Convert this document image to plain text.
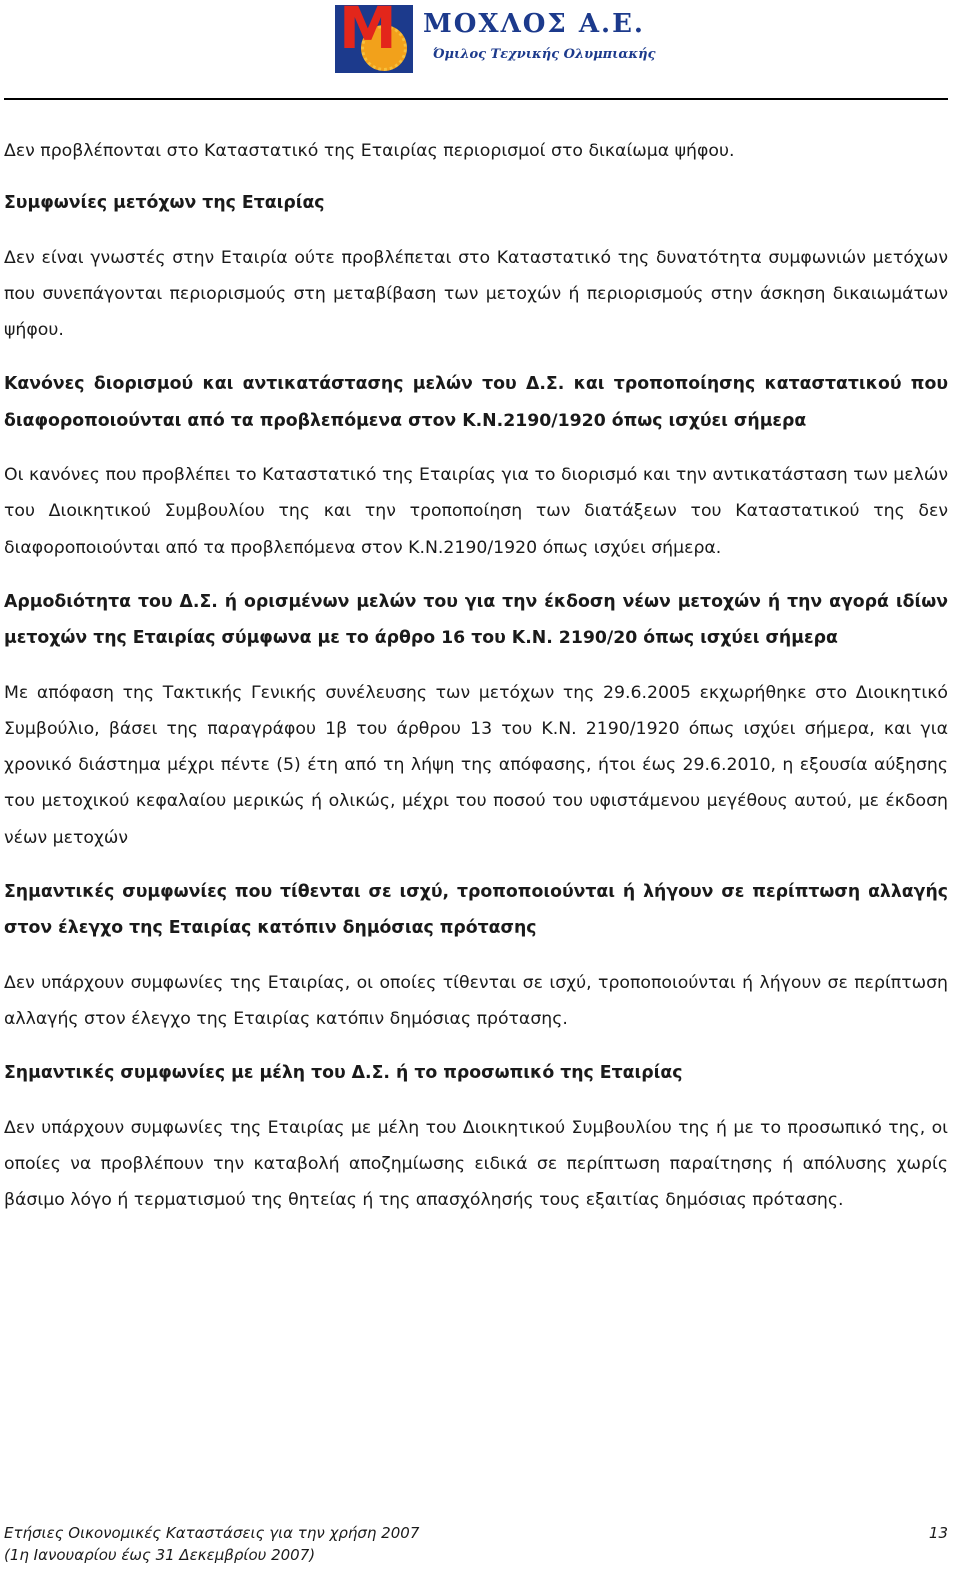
M ΜΟΧΛΟΣ Α.Ε.
Όμιλος Τεχνικής Ολυμπιακής

Δεν προβλέπονται στο Καταστατικό της Εταιρίας περιορισμοί στο δικαίωμα ψήφου.

Συμφωνίες μετόχων της Εταιρίας

Δεν είναι γνωστές στην Εταιρία ούτε προβλέπεται στο Καταστατικό της δυνατότητα συμφωνιών μετόχων που συνεπάγονται περιορισμούς στη μεταβίβαση των μετοχών ή περιορισμούς στην άσκηση δικαιωμάτων ψήφου.

Κανόνες διορισμού και αντικατάστασης μελών του Δ.Σ. και τροποποίησης καταστατικού που διαφοροποιούνται από τα προβλεπόμενα στον Κ.Ν.2190/1920 όπως ισχύει σήμερα

Οι κανόνες που προβλέπει το Καταστατικό της Εταιρίας για το διορισμό και την αντικατάσταση των μελών του Διοικητικού Συμβουλίου της και την τροποποίηση των διατάξεων του Καταστατικού της δεν διαφοροποιούνται από τα προβλεπόμενα στον Κ.Ν.2190/1920 όπως ισχύει σήμερα.

Αρμοδιότητα του Δ.Σ. ή ορισμένων μελών του για την έκδοση νέων μετοχών ή την αγορά ιδίων μετοχών της Εταιρίας σύμφωνα με το άρθρο 16 του Κ.Ν. 2190/20 όπως ισχύει σήμερα

Με απόφαση της Τακτικής Γενικής συνέλευσης των μετόχων της 29.6.2005 εκχωρήθηκε στο Διοικητικό Συμβούλιο, βάσει της παραγράφου 1β του άρθρου 13 του Κ.Ν. 2190/1920 όπως ισχύει σήμερα, και για χρονικό διάστημα μέχρι πέντε (5) έτη από τη λήψη της απόφασης, ήτοι έως 29.6.2010, η εξουσία αύξησης του μετοχικού κεφαλαίου μερικώς ή ολικώς, μέχρι του ποσού του υφιστάμενου μεγέθους αυτού, με έκδοση νέων μετοχών

Σημαντικές συμφωνίες που τίθενται σε ισχύ, τροποποιούνται ή λήγουν σε περίπτωση αλλαγής στον έλεγχο της Εταιρίας κατόπιν δημόσιας πρότασης

Δεν υπάρχουν συμφωνίες της Εταιρίας, οι οποίες τίθενται σε ισχύ, τροποποιούνται ή λήγουν σε περίπτωση αλλαγής στον έλεγχο της Εταιρίας κατόπιν δημόσιας πρότασης.

Σημαντικές συμφωνίες με μέλη του Δ.Σ. ή το προσωπικό της Εταιρίας

Δεν υπάρχουν συμφωνίες της Εταιρίας με μέλη του Διοικητικού Συμβουλίου της ή με το προσωπικό της, οι οποίες να προβλέπουν την καταβολή αποζημίωσης ειδικά σε περίπτωση παραίτησης ή απόλυσης χωρίς βάσιμο λόγο ή τερματισμού της θητείας ή της απασχόλησής τους εξαιτίας δημόσιας πρότασης.

Ετήσιες Οικονομικές Καταστάσεις για την χρήση 2007
(1η Ιανουαρίου έως 31 Δεκεμβρίου 2007)
13
